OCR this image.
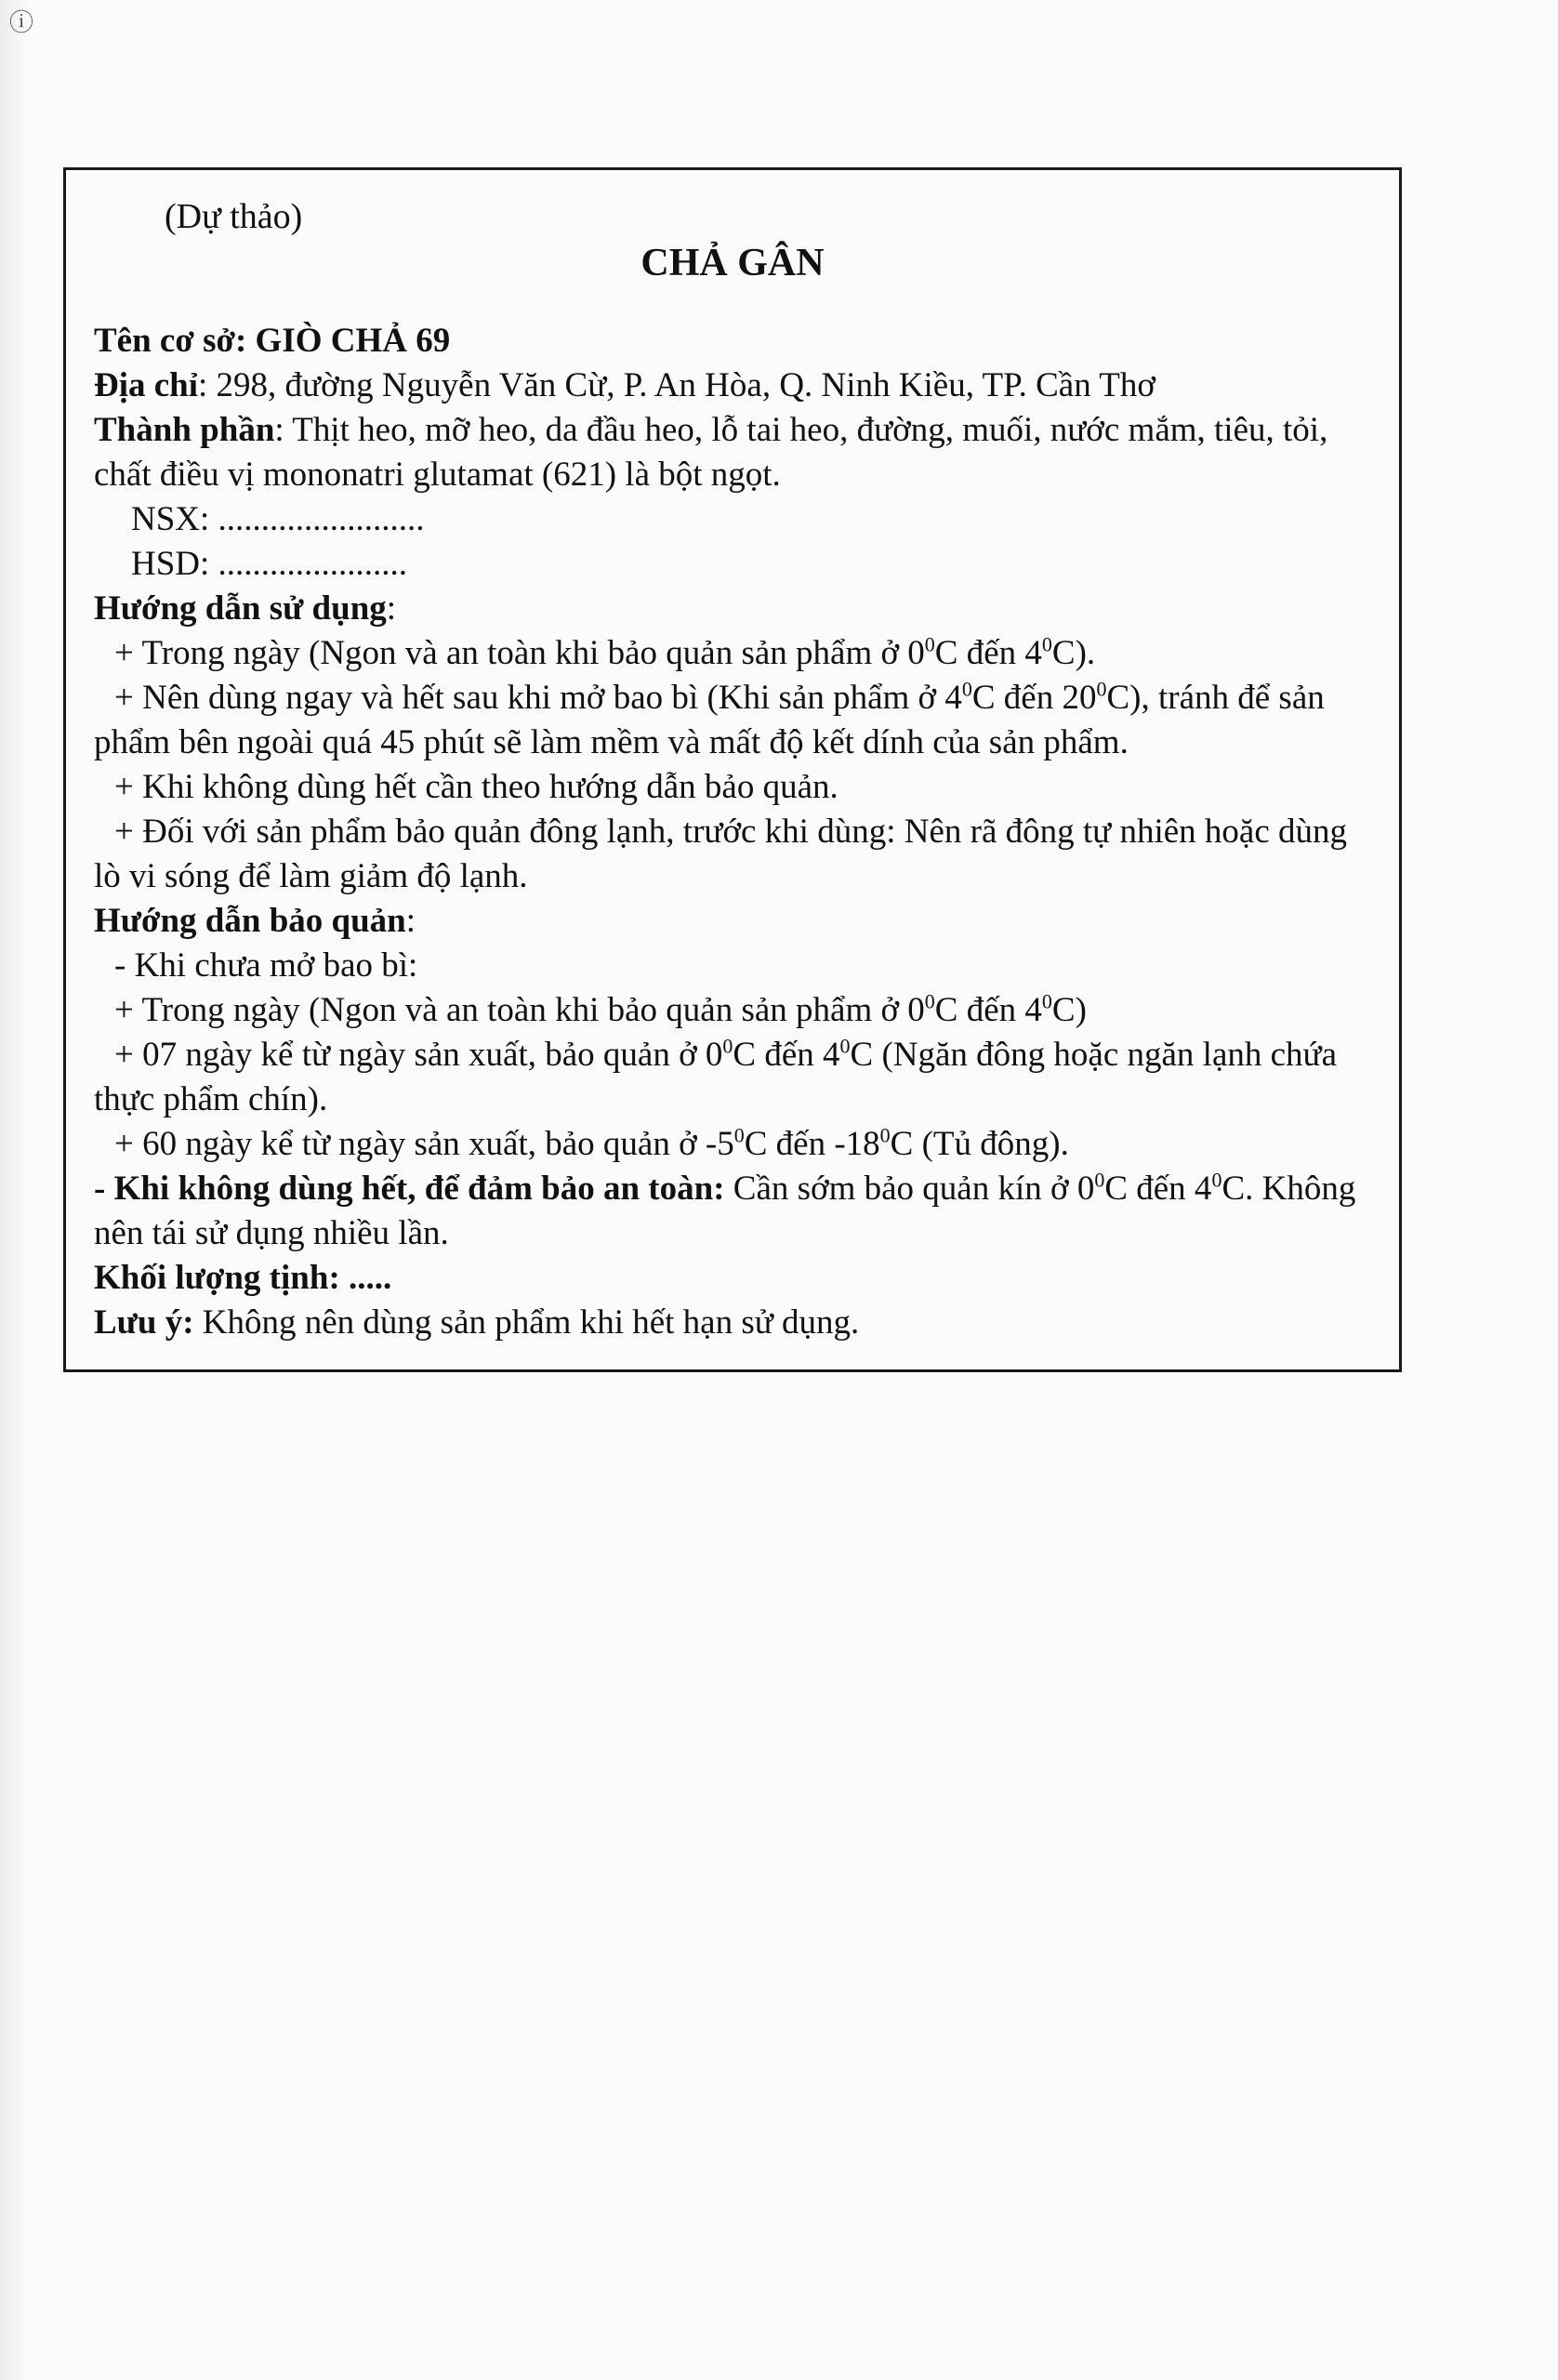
ⓘ
(Dự thảo)
CHẢ GÂN
Tên cơ sở: GIÒ CHẢ 69
Địa chỉ: 298, đường Nguyễn Văn Cừ, P. An Hòa, Q. Ninh Kiều, TP. Cần Thơ
Thành phần: Thịt heo, mỡ heo, da đầu heo, lỗ tai heo, đường, muối, nước mắm, tiêu, tỏi, chất điều vị mononatri glutamat (621) là bột ngọt.
NSX: ........................
HSD: ......................
Hướng dẫn sử dụng:
+ Trong ngày (Ngon và an toàn khi bảo quản sản phẩm ở $0^0C$ đến $4^0C$).
+ Nên dùng ngay và hết sau khi mở bao bì (Khi sản phẩm ở $4^0C$ đến $20^0C$), tránh để sản phẩm bên ngoài quá 45 phút sẽ làm mềm và mất độ kết dính của sản phẩm.
+ Khi không dùng hết cần theo hướng dẫn bảo quản.
+ Đối với sản phẩm bảo quản đông lạnh, trước khi dùng: Nên rã đông tự nhiên hoặc dùng lò vi sóng để làm giảm độ lạnh.
Hướng dẫn bảo quản:
- Khi chưa mở bao bì:
+ Trong ngày (Ngon và an toàn khi bảo quản sản phẩm ở $0^0C$ đến $4^0C$)
+ 07 ngày kể từ ngày sản xuất, bảo quản ở $0^0C$ đến $4^0C$ (Ngăn đông hoặc ngăn lạnh chứa thực phẩm chín).
+ 60 ngày kể từ ngày sản xuất, bảo quản ở $-5^0C$ đến $-18^0C$ (Tủ đông).
- Khi không dùng hết, để đảm bảo an toàn: Cần sớm bảo quản kín ở $0^0C$ đến $4^0C$. Không nên tái sử dụng nhiều lần.
Khối lượng tịnh: .....
Lưu ý: Không nên dùng sản phẩm khi hết hạn sử dụng.
